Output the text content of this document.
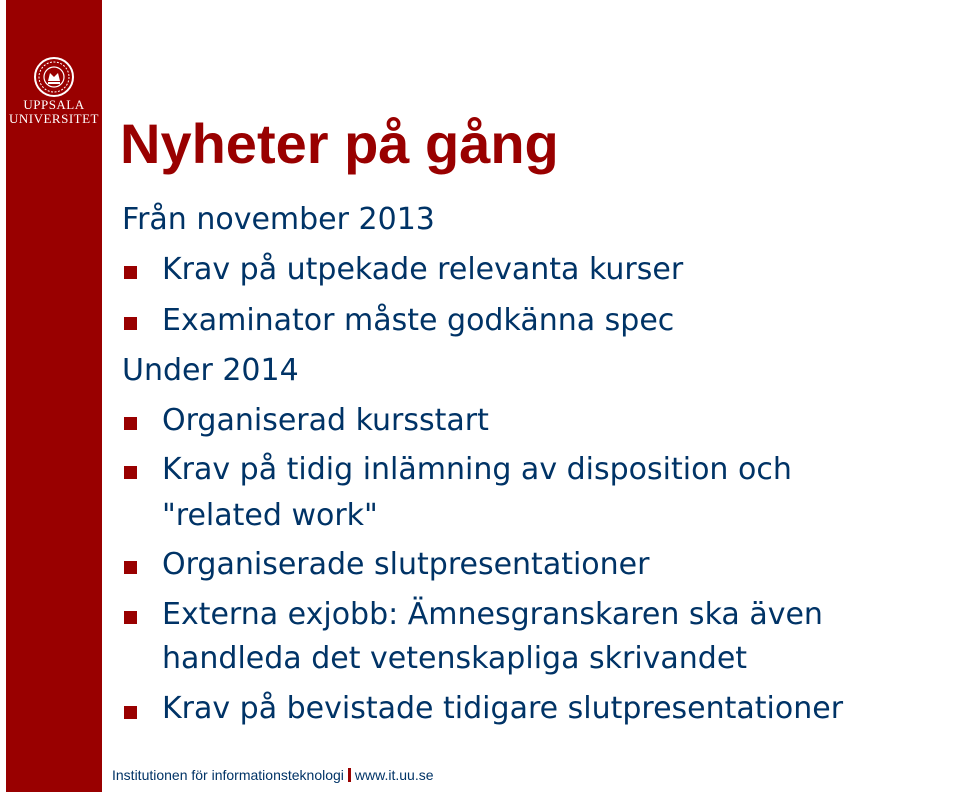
UPPSALA
UNIVERSITET Nyheter på gång
Från november 2013
Krav på utpekade relevanta kurser
Examinator måste godkänna spec
Under 2014
Organiserad kursstart
Krav på tidig inlämning av disposition och
"related work"
Organiserade slutpresentationer
Externa exjobb: Ämnesgranskaren ska även
handleda det vetenskapliga skrivandet
Krav på bevistade tidigare slutpresentationer
Institutionen för informationsteknologi www.it.uu.se
